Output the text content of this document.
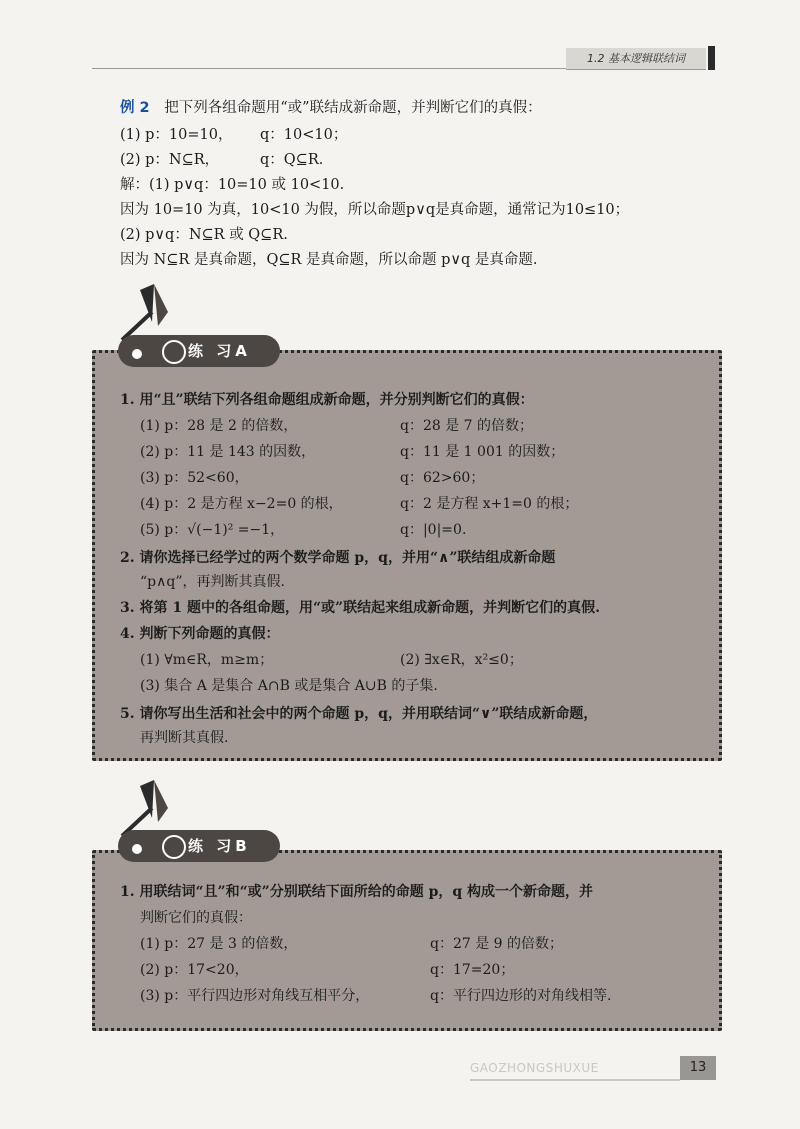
1.2 基本逻辑联结词
例 2 把下列各组命题用“或”联结成新命题，并判断它们的真假：
(1) p：10=10， q：10<10；
(2) p：N⊆R，	q：Q⊆R.
解：(1) p∨q：10=10 或 10<10.
因为 10=10 为真，10<10 为假，所以命题p∨q是真命题，通常记为10≤10；
(2) p∨q：N⊆R 或 Q⊆R.
因为 N⊆R 是真命题，Q⊆R 是真命题，所以命题 p∨q 是真命题.
练 习A
1. 用“且”联结下列各组命题组成新命题，并分别判断它们的真假：
(1) p：28 是 2 的倍数，	q：28 是 7 的倍数；
(2) p：11 是 143 的因数，	q：11 是 1 001 的因数；
(3) p：52<60，	q：62>60；
(4) p：2 是方程 x−2=0 的根，	q：2 是方程 x+1=0 的根；
(5) p：√(−1)² =−1，	q：|0|=0.
2. 请你选择已经学过的两个数学命题 p，q，并用“∧”联结组成新命题
“p∧q”，再判断其真假.
3. 将第 1 题中的各组命题，用“或”联结起来组成新命题，并判断它们的真假.
4. 判断下列命题的真假：
(1) ∀m∈R，m≥m；	(2) ∃x∈R，x²≤0；
(3) 集合 A 是集合 A∩B 或是集合 A∪B 的子集.
5. 请你写出生活和社会中的两个命题 p，q，并用联结词“∨”联结成新命题，
再判断其真假.
练 习B
1. 用联结词“且”和“或”分别联结下面所给的命题 p，q 构成一个新命题，并
判断它们的真假：
(1) p：27 是 3 的倍数，	q：27 是 9 的倍数；
(2) p：17<20，	q：17=20；
(3) p：平行四边形对角线互相平分，	q：平行四边形的对角线相等.
GAOZHONGSHUXUE	13
